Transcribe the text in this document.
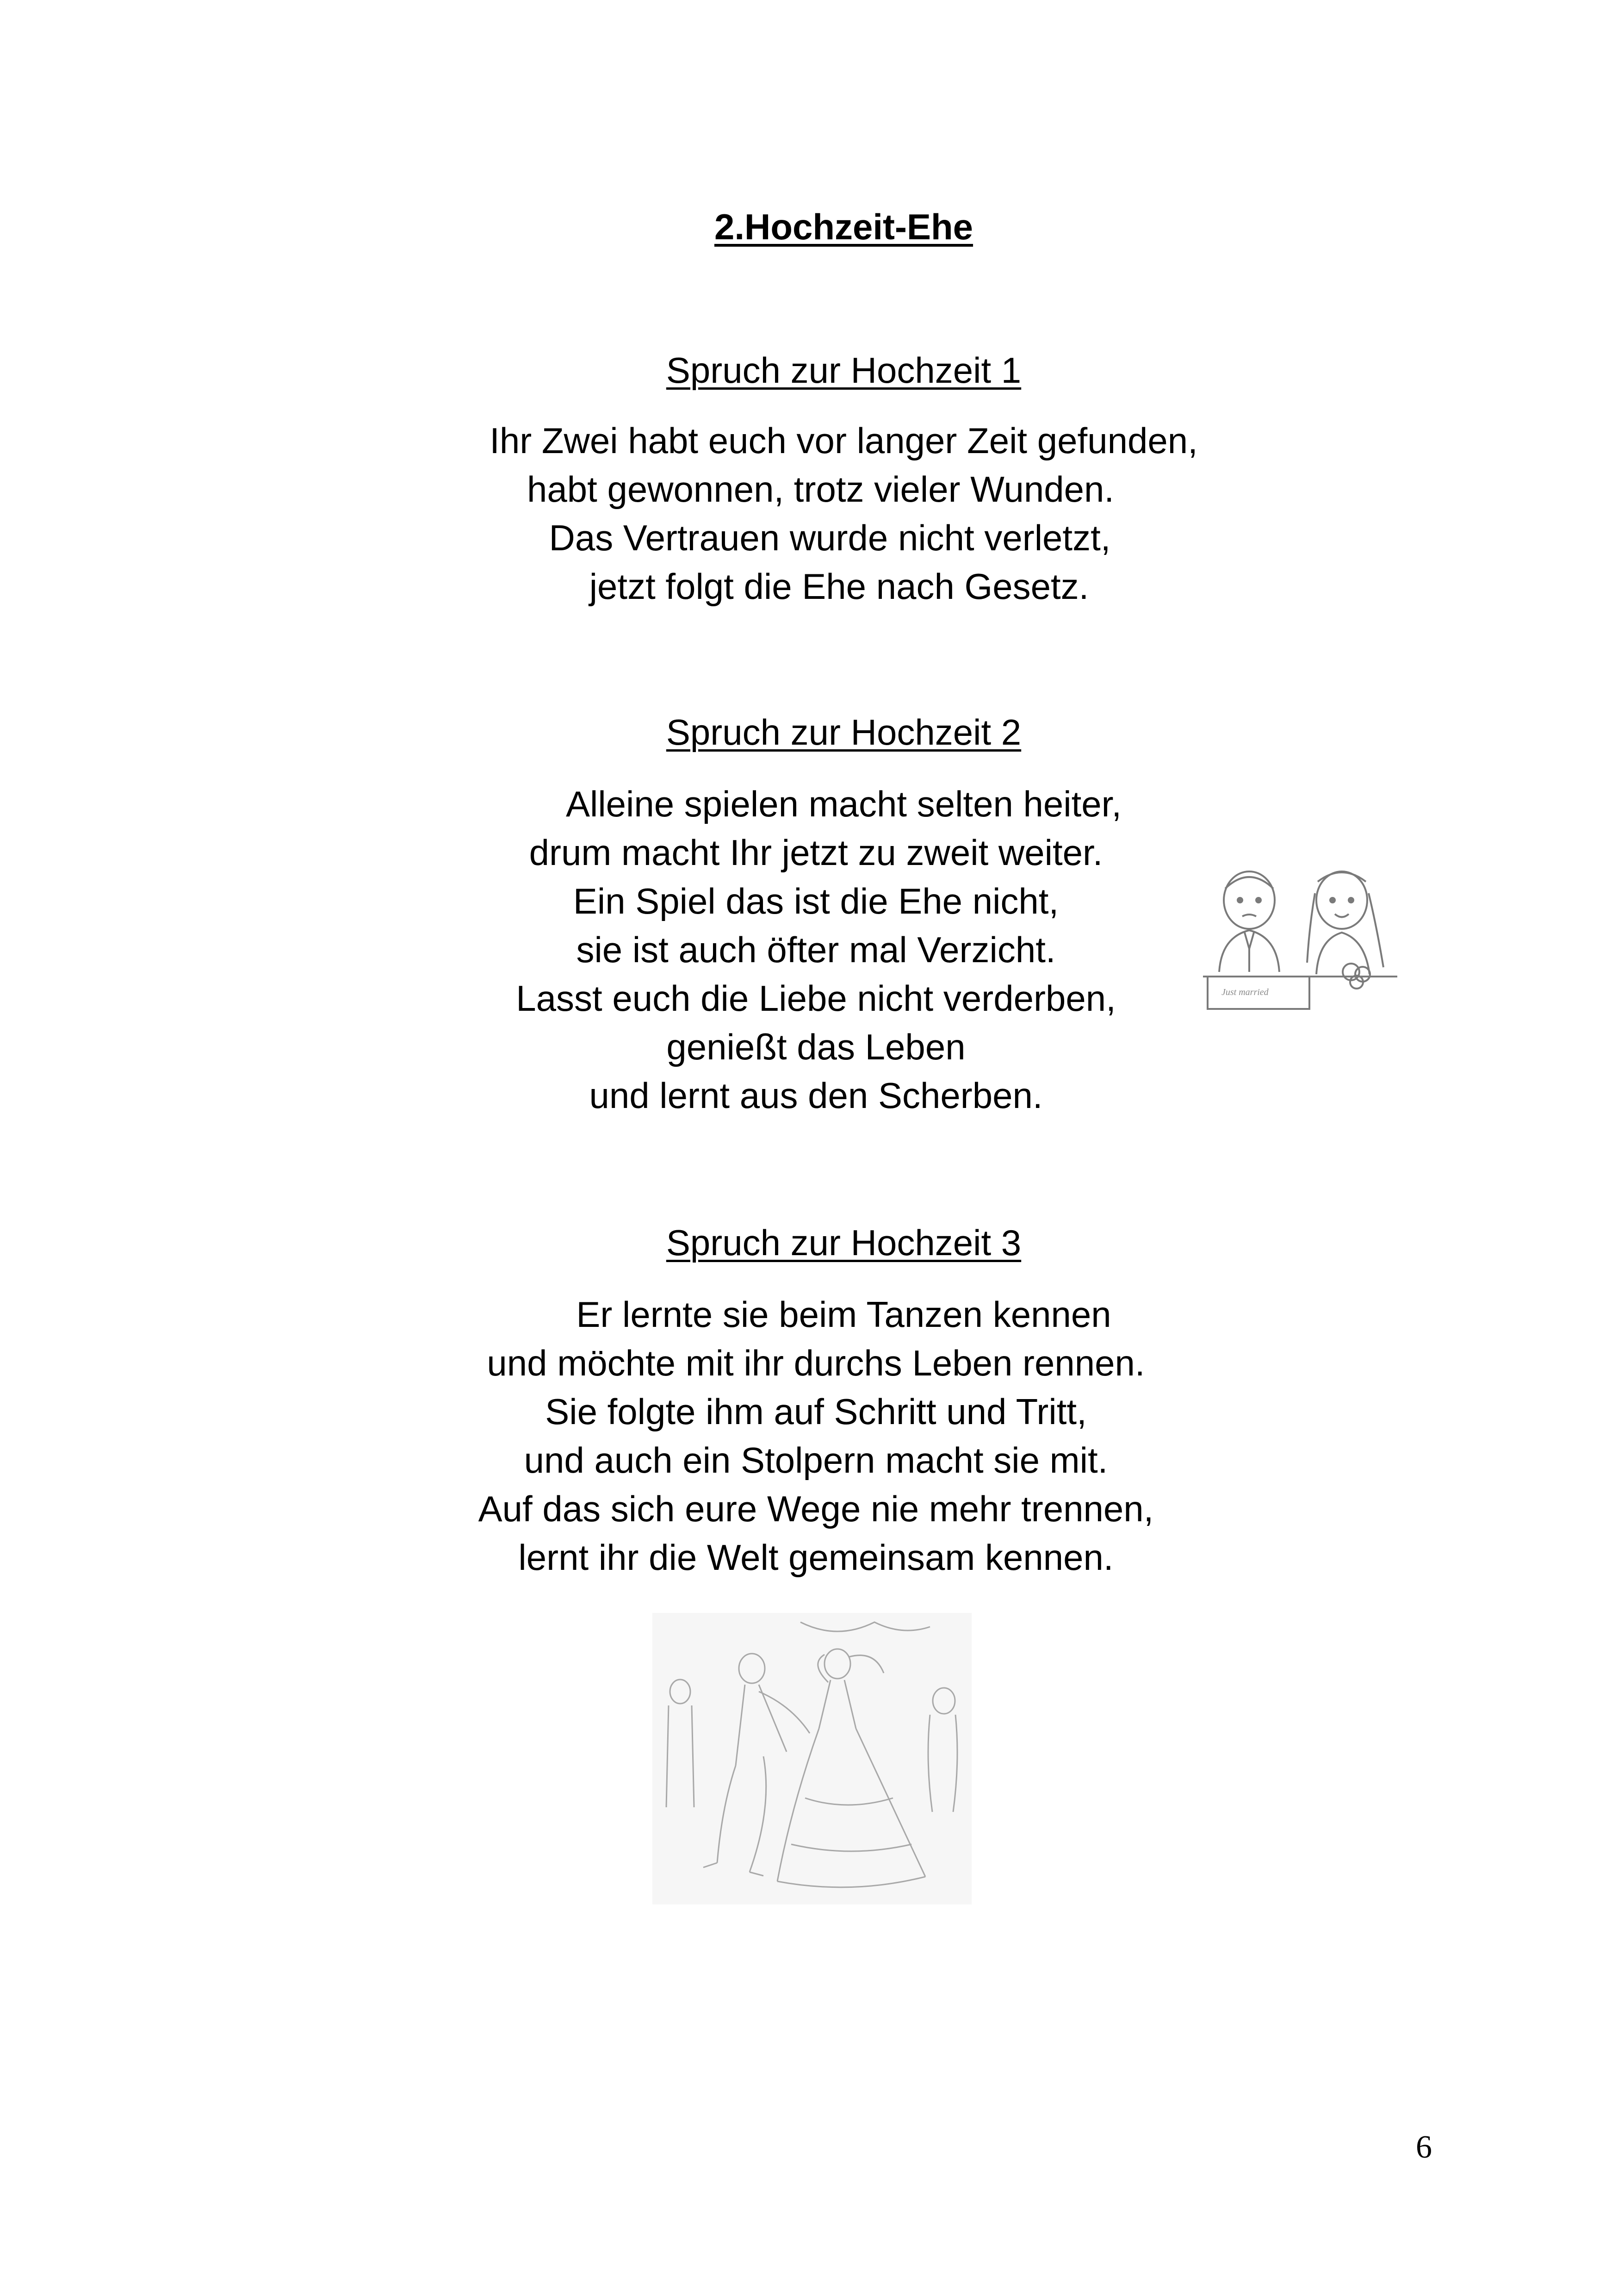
2.Hochzeit-Ehe
Spruch zur Hochzeit 1
Ihr Zwei habt euch vor langer Zeit gefunden,
habt gewonnen, trotz vieler Wunden.
Das Vertrauen wurde nicht verletzt,
jetzt folgt die Ehe nach Gesetz.
Spruch zur Hochzeit 2
Alleine spielen macht selten heiter,
drum macht Ihr jetzt zu zweit weiter.
Ein Spiel das ist die Ehe nicht,
sie ist auch öfter mal Verzicht.
Lasst euch die Liebe nicht verderben,
genießt das Leben
und lernt aus den Scherben.
Just married
Spruch zur Hochzeit 3
Er lernte sie beim Tanzen kennen
und möchte mit ihr durchs Leben rennen.
Sie folgte ihm auf Schritt und Tritt,
und auch ein Stolpern macht sie mit.
Auf das sich eure Wege nie mehr trennen,
lernt ihr die Welt gemeinsam kennen.
6
